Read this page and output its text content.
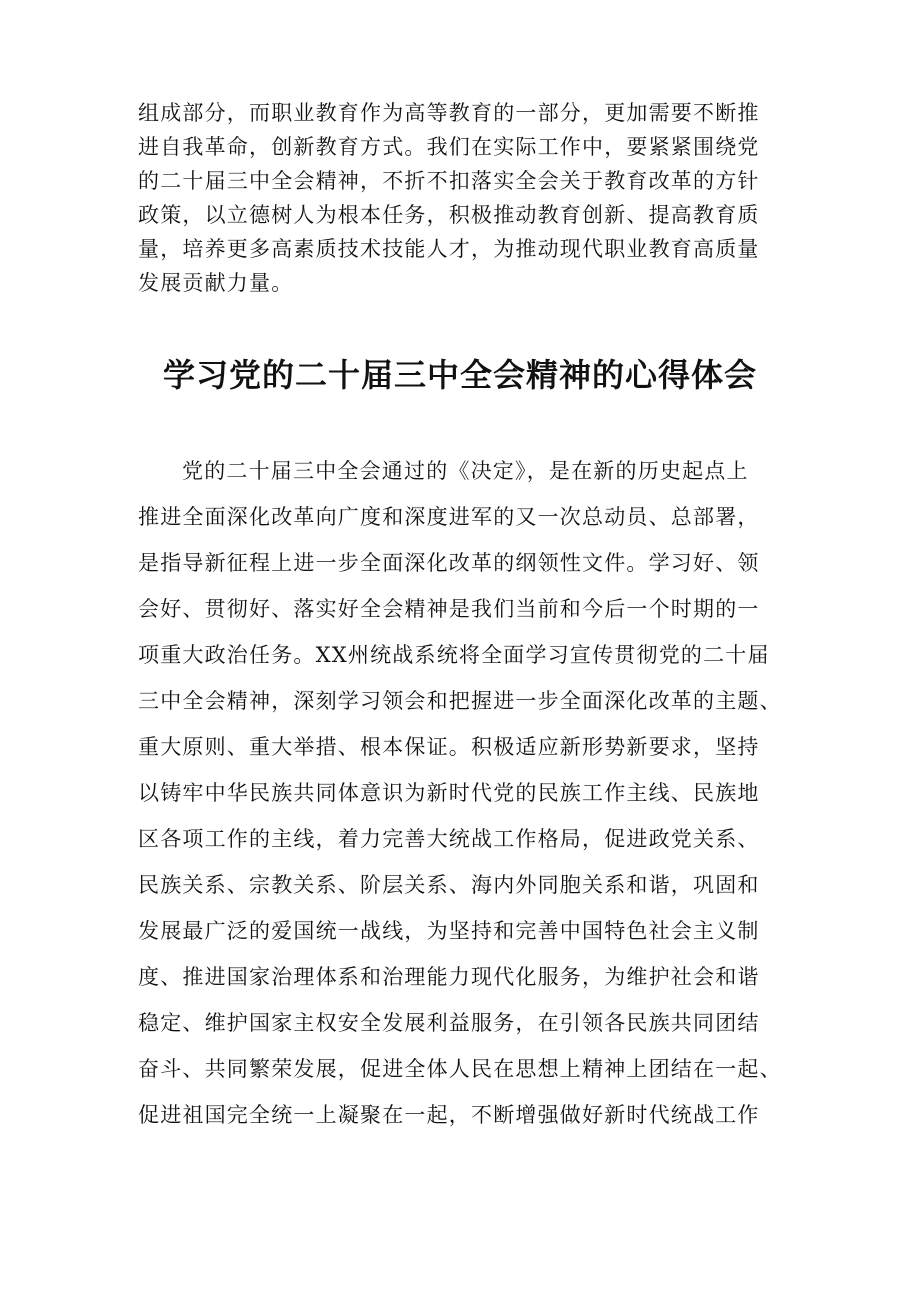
组成部分，而职业教育作为高等教育的一部分，更加需要不断推
进自我革命，创新教育方式。我们在实际工作中，要紧紧围绕党
的二十届三中全会精神，不折不扣落实全会关于教育改革的方针
政策，以立德树人为根本任务，积极推动教育创新、提高教育质
量，培养更多高素质技术技能人才，为推动现代职业教育高质量
发展贡献力量。
学习党的二十届三中全会精神的心得体会
党的二十届三中全会通过的《决定》，是在新的历史起点上
推进全面深化改革向广度和深度进军的又一次总动员、总部署，
是指导新征程上进一步全面深化改革的纲领性文件。学习好、领
会好、贯彻好、落实好全会精神是我们当前和今后一个时期的一
项重大政治任务。XX州统战系统将全面学习宣传贯彻党的二十届
三中全会精神，深刻学习领会和把握进一步全面深化改革的主题、
重大原则、重大举措、根本保证。积极适应新形势新要求，坚持
以铸牢中华民族共同体意识为新时代党的民族工作主线、民族地
区各项工作的主线，着力完善大统战工作格局，促进政党关系、
民族关系、宗教关系、阶层关系、海内外同胞关系和谐，巩固和
发展最广泛的爱国统一战线，为坚持和完善中国特色社会主义制
度、推进国家治理体系和治理能力现代化服务，为维护社会和谐
稳定、维护国家主权安全发展利益服务，在引领各民族共同团结
奋斗、共同繁荣发展，促进全体人民在思想上精神上团结在一起、
促进祖国完全统一上凝聚在一起，不断增强做好新时代统战工作
